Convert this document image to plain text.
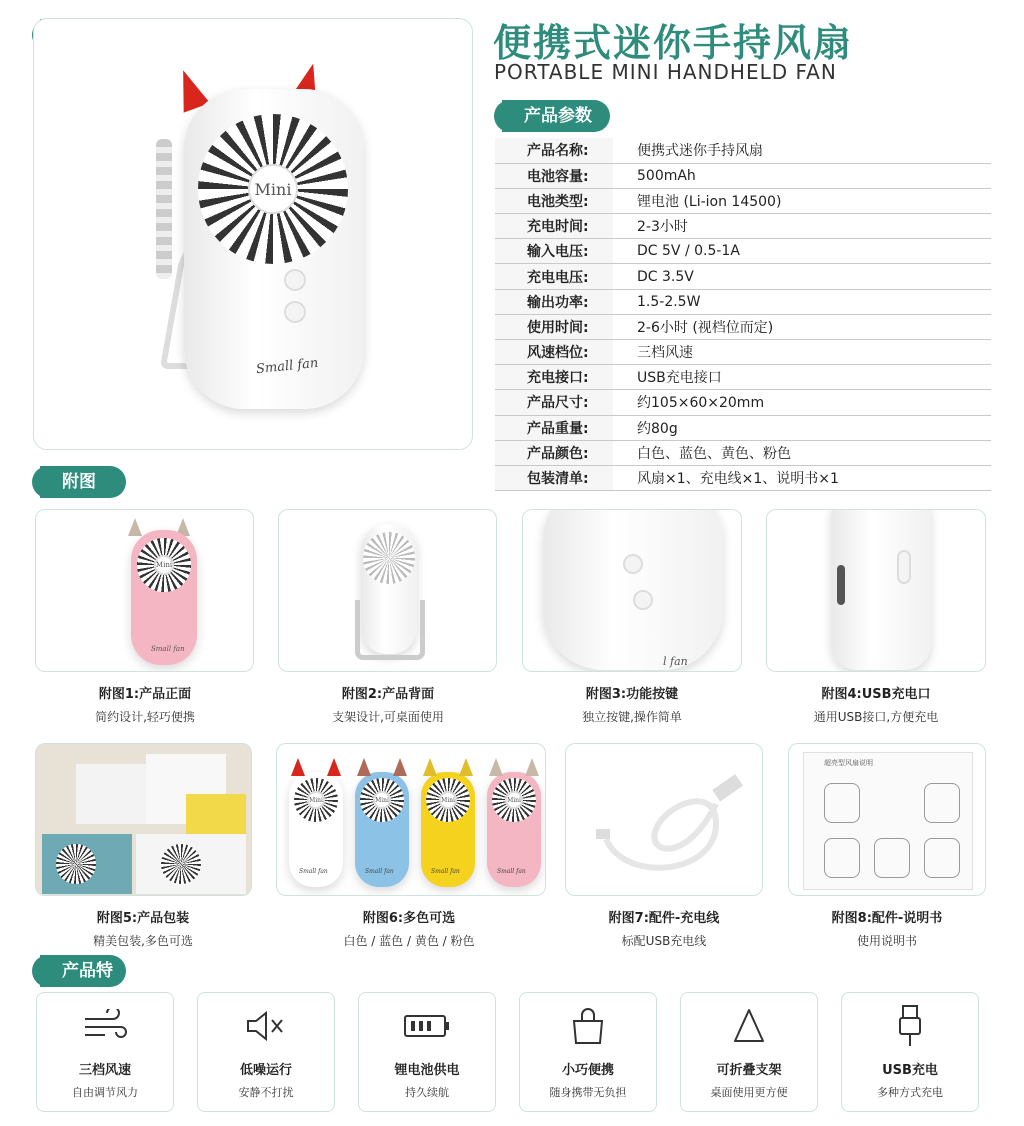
附图
产品参数
产品特
Mini
Small fan
便携式迷你手持风扇
PORTABLE MINI HANDHELD FAN
产品名称:	便携式迷你手持风扇
电池容量:	500mAh
电池类型:	锂电池 (Li-ion 14500)
充电时间:	2-3小时
输入电压:	DC 5V / 0.5-1A
充电电压:	DC 3.5V
输出功率:	1.5-2.5W
使用时间:	2-6小时 (视档位而定)
风速档位:	三档风速
充电接口:	USB充电接口
产品尺寸:	约105×60×20mm
产品重量:	约80g
产品颜色:	白色、蓝色、黄色、粉色
包装清单:	风扇×1、充电线×1、说明书×1
Mini
Small fan
l fan
Mini
Small fan
Mini
Small fan
Mini
Small fan
Mini
Small fan
超亮型风扇说明
附图1:产品正面
简约设计,轻巧便携
附图2:产品背面
支架设计,可桌面使用
附图3:功能按键
独立按键,操作简单
附图4:USB充电口
通用USB接口,方便充电
附图5:产品包装
精美包装,多色可选
附图6:多色可选
白色 / 蓝色 / 黄色 / 粉色
附图7:配件-充电线
标配USB充电线
附图8:配件-说明书
使用说明书
三档风速
自由调节风力
低噪运行
安静不打扰
锂电池供电
持久续航
小巧便携
随身携带无负担
可折叠支架
桌面使用更方便
USB充电
多种方式充电
